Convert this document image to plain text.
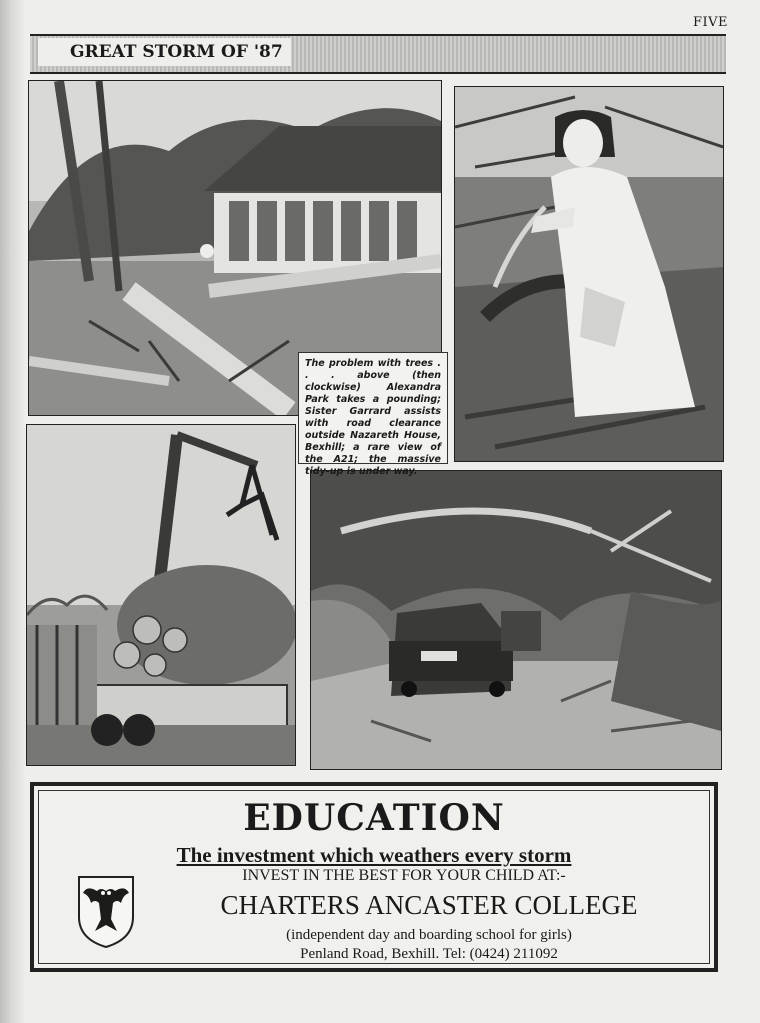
FIVE
GREAT STORM OF '87
The problem with trees . . . above (then clockwise) Alexandra Park takes a pounding; Sister Garrard assists with road clearance outside Nazareth House, Bexhill; a rare view of the A21; the massive tidy-up is under way.
EDUCATION
The investment which weathers every storm
INVEST IN THE BEST FOR YOUR CHILD AT:-
CHARTERS ANCASTER COLLEGE
(independent day and boarding school for girls)
Penland Road, Bexhill. Tel: (0424) 211092
